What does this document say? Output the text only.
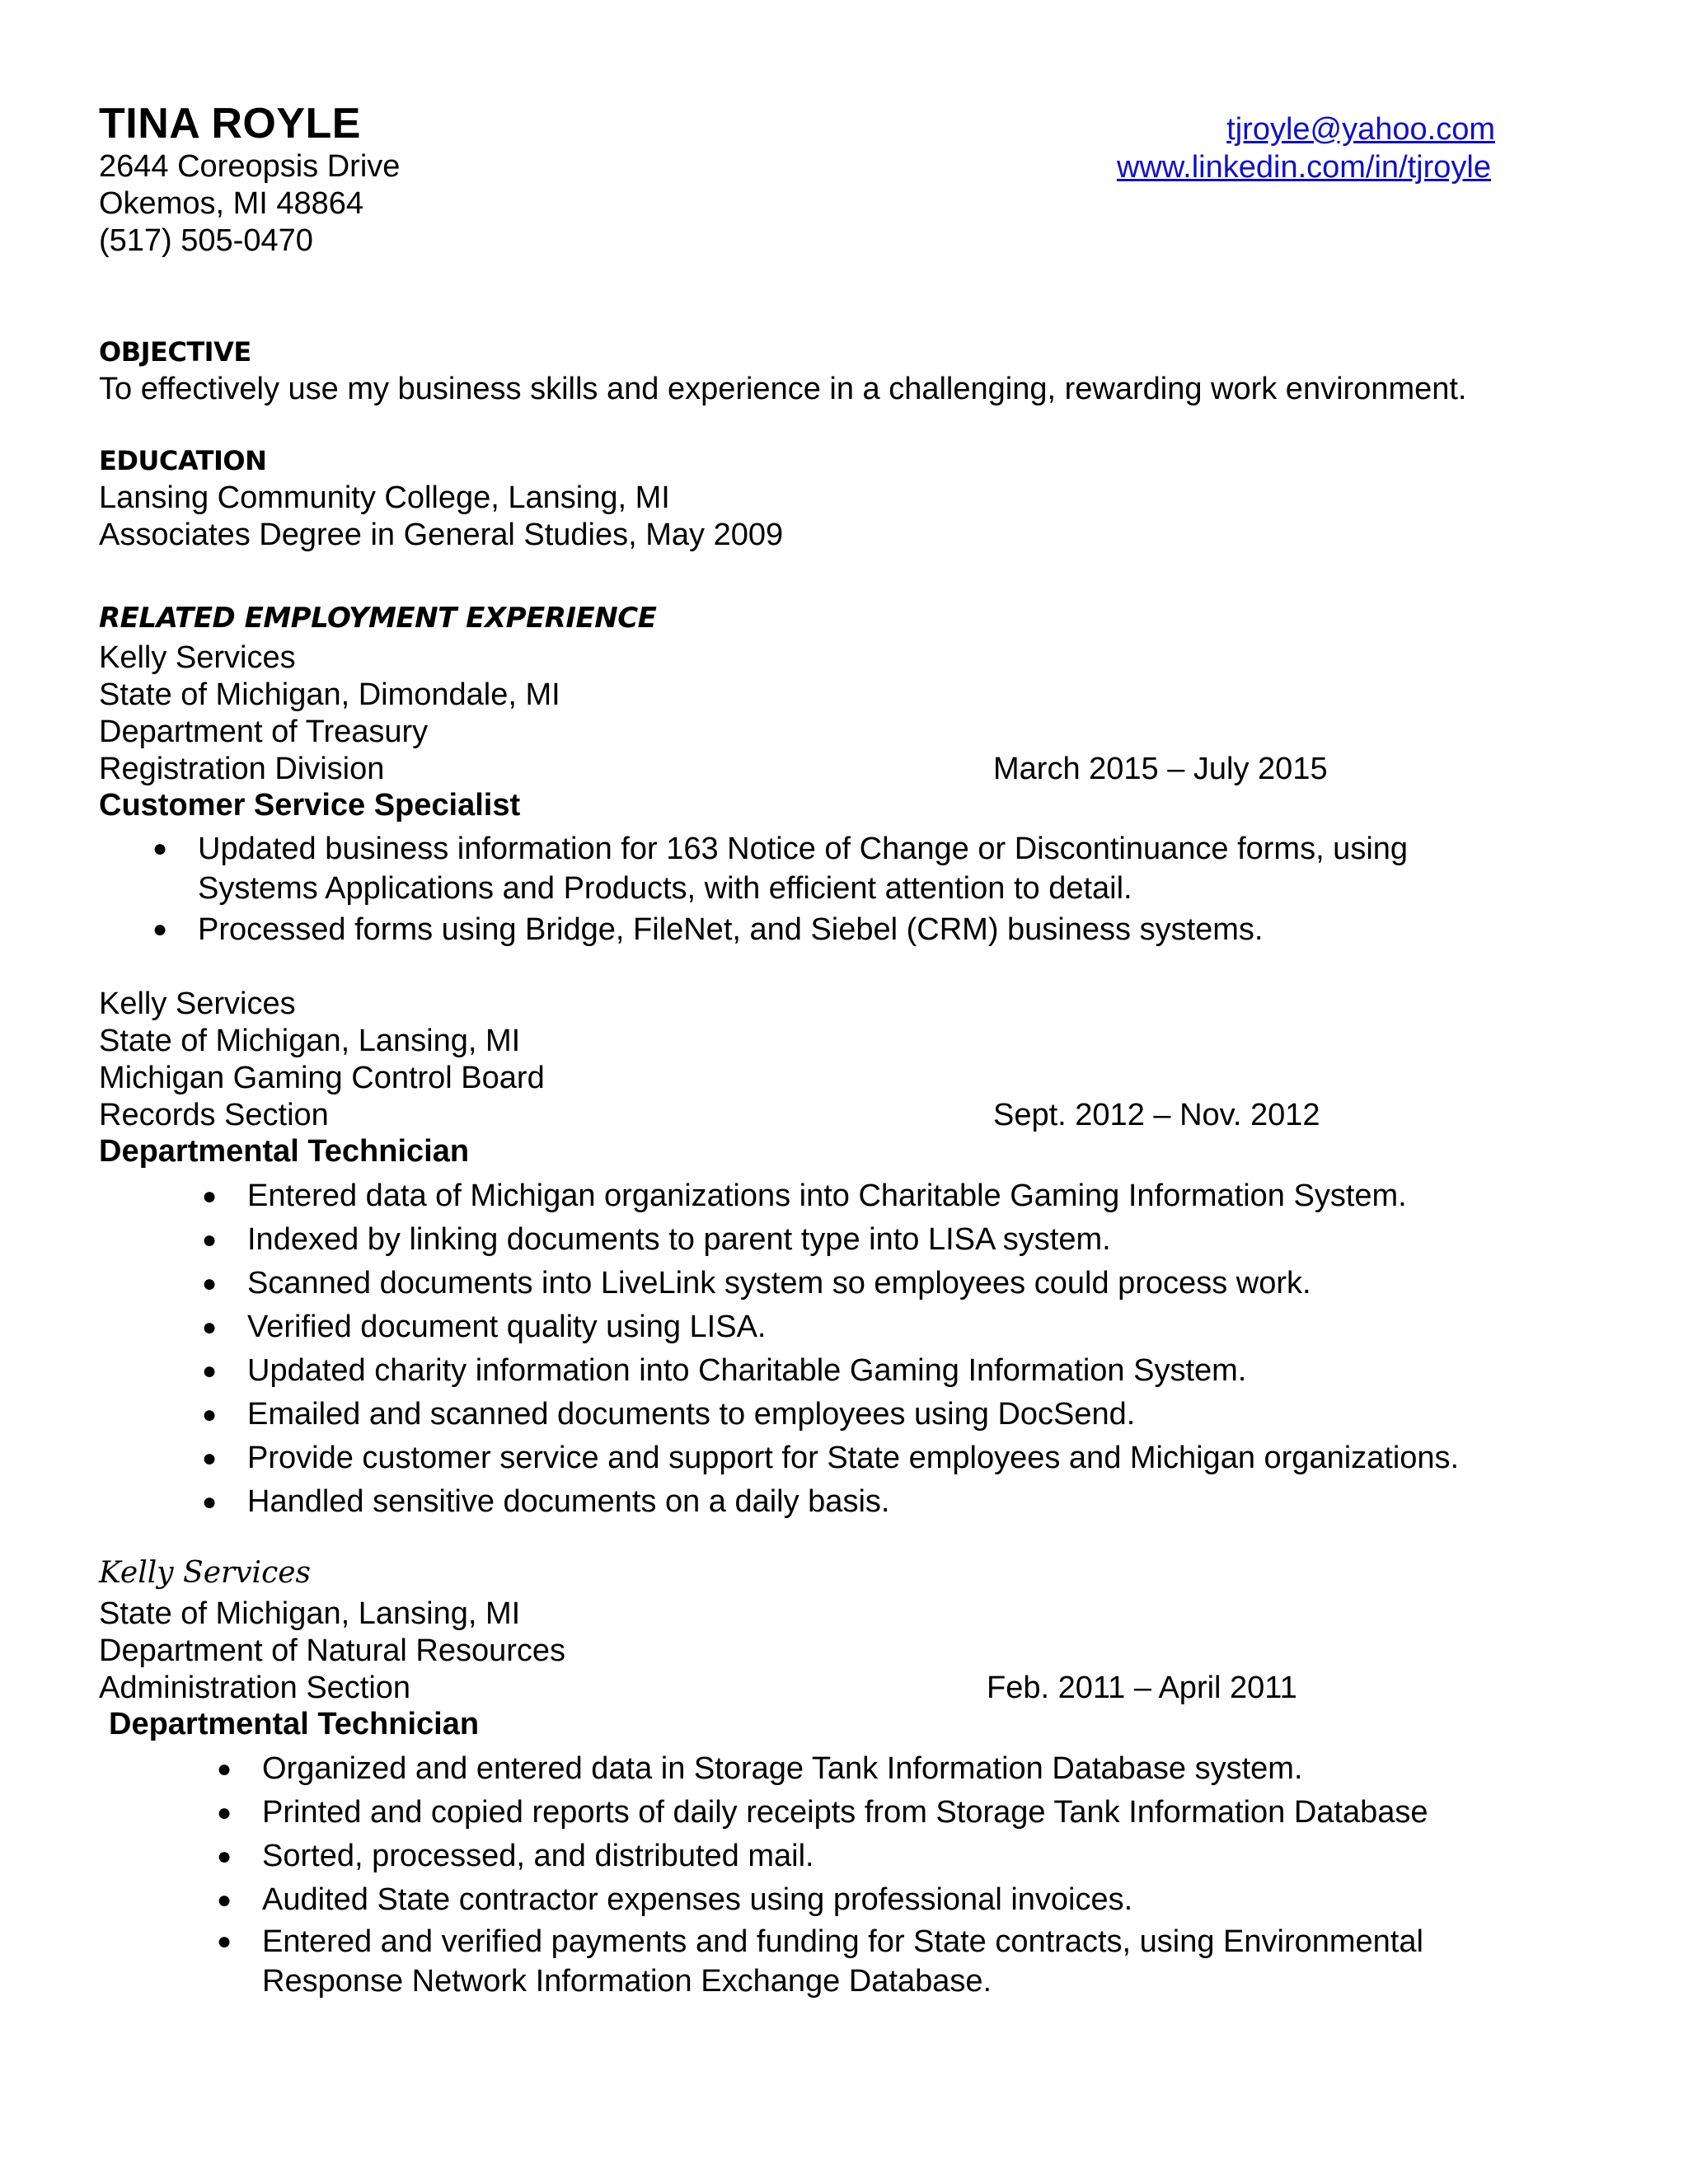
TINA ROYLE
2644 Coreopsis Drive
Okemos, MI 48864
(517) 505-0470
tjroyle@yahoo.com
www.linkedin.com/in/tjroyle
OBJECTIVE
To effectively use my business skills and experience in a challenging, rewarding work environment.
EDUCATION
Lansing Community College, Lansing, MI
Associates Degree in General Studies, May 2009
RELATED EMPLOYMENT EXPERIENCE
Kelly Services
State of Michigan, Dimondale, MI
Department of Treasury
Registration Division	March 2015 – July 2015
Customer Service Specialist
● Updated business information for 163 Notice of Change or Discontinuance forms, using
Systems Applications and Products, with efficient attention to detail.
● Processed forms using Bridge, FileNet, and Siebel (CRM) business systems.
Kelly Services
State of Michigan, Lansing, MI
Michigan Gaming Control Board
Records Section	Sept. 2012 – Nov. 2012
Departmental Technician
● Entered data of Michigan organizations into Charitable Gaming Information System.
● Indexed by linking documents to parent type into LISA system.
● Scanned documents into LiveLink system so employees could process work.
● Verified document quality using LISA.
● Updated charity information into Charitable Gaming Information System.
● Emailed and scanned documents to employees using DocSend.
● Provide customer service and support for State employees and Michigan organizations.
● Handled sensitive documents on a daily basis.
Kelly Services
State of Michigan, Lansing, MI
Department of Natural Resources
Administration Section	Feb. 2011 – April 2011
Departmental Technician
● Organized and entered data in Storage Tank Information Database system.
● Printed and copied reports of daily receipts from Storage Tank Information Database
● Sorted, processed, and distributed mail.
● Audited State contractor expenses using professional invoices.
● Entered and verified payments and funding for State contracts, using Environmental
Response Network Information Exchange Database.
